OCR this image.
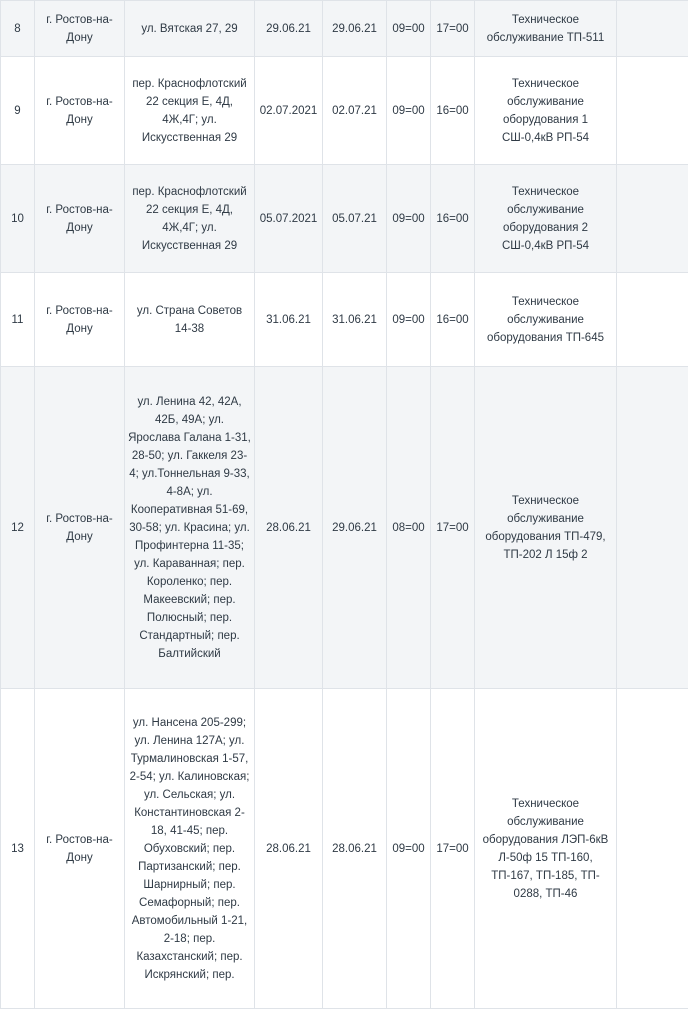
8	г. Ростов-на-Дону	ул. Вятская 27, 29	29.06.21	29.06.21	09=00	17=00	Техническое обслуживание ТП-511	
9	г. Ростов-на-Дону	пер. Краснофлотский 22 секция Е, 4Д, 4Ж,4Г; ул. Искусственная 29	02.07.2021	02.07.21	09=00	16=00	Техническое обслуживание оборудования 1 СШ-0,4кВ РП-54	
10	г. Ростов-на-Дону	пер. Краснофлотский 22 секция Е, 4Д, 4Ж,4Г; ул. Искусственная 29	05.07.2021	05.07.21	09=00	16=00	Техническое обслуживание оборудования 2 СШ-0,4кВ РП-54	
11	г. Ростов-на-Дону	ул. Страна Советов 14-38	31.06.21	31.06.21	09=00	16=00	Техническое обслуживание оборудования ТП-645	
12	г. Ростов-на-Дону	ул. Ленина 42, 42А, 42Б, 49А; ул. Ярослава Галана 1-31, 28-50; ул. Гаккеля 23-4; ул.Тоннельная 9-33, 4-8А; ул. Кооперативная 51-69, 30-58; ул. Красина; ул. Профинтерна 11-35; ул. Караванная; пер. Короленко; пер. Макеевский; пер. Полюсный; пер. Стандартный; пер. Балтийский	28.06.21	29.06.21	08=00	17=00	Техническое обслуживание оборудования ТП-479, ТП-202 Л 15ф 2	
13	г. Ростов-на-Дону	ул. Нансена 205-299; ул. Ленина 127А; ул. Турмалиновская 1-57, 2-54; ул. Калиновская; ул. Сельская; ул. Константиновская 2-18, 41-45; пер. Обуховский; пер. Партизанский; пер. Шарнирный; пер. Семафорный; пер. Автомобильный 1-21, 2-18; пер. Казахстанский; пер. Искрянский; пер.	28.06.21	28.06.21	09=00	17=00	Техническое обслуживание оборудования ЛЭП-6кВ Л-50ф 15 ТП-160, ТП-167, ТП-185, ТП- 0288, ТП-46	
